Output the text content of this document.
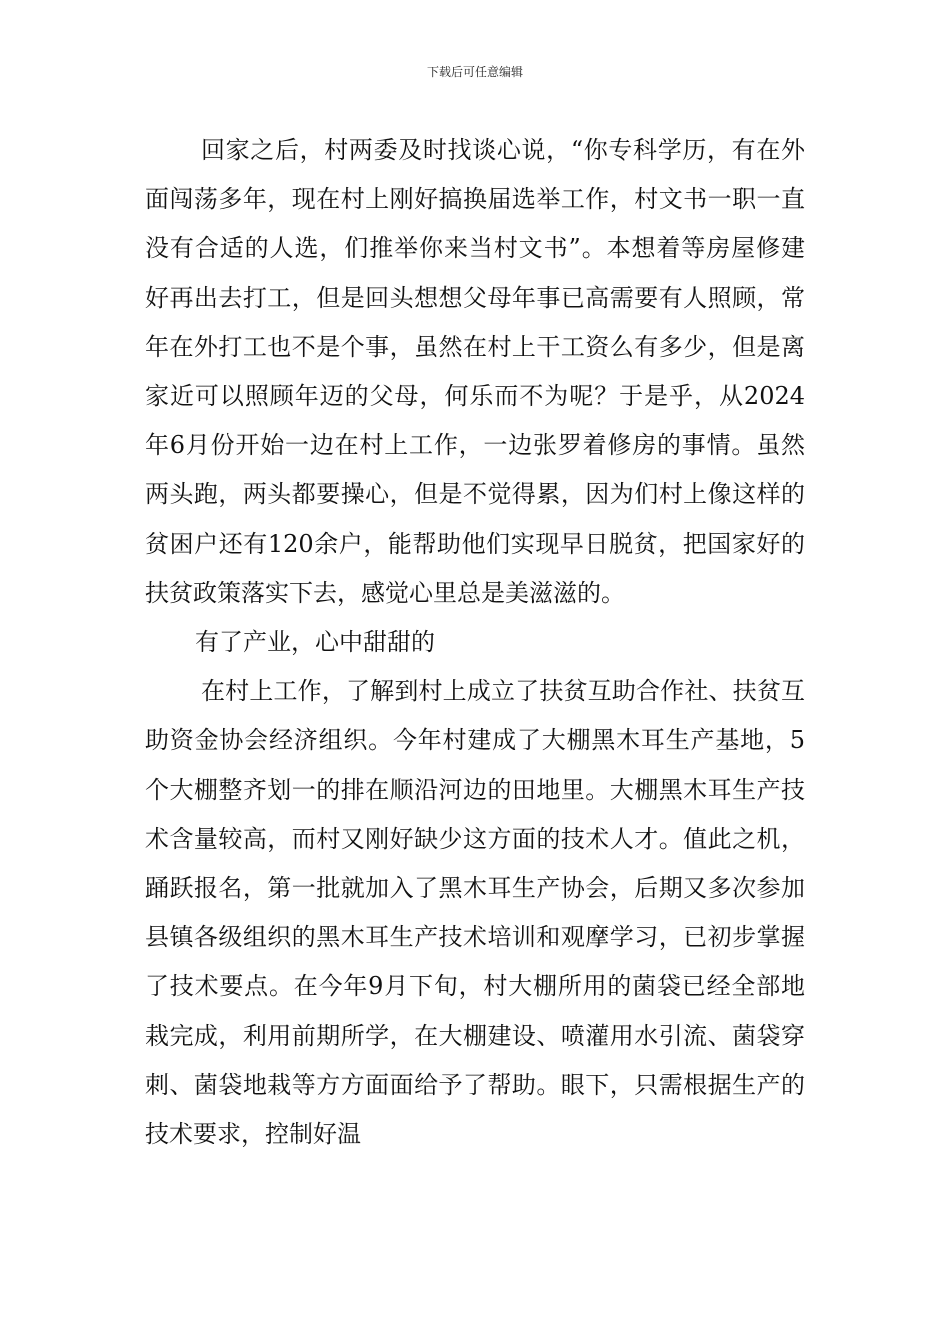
下载后可任意编辑

回家之后，村两委及时找谈心说，“你专科学历，有在外面闯荡多年，现在村上刚好搞换届选举工作，村文书一职一直没有合适的人选，们推举你来当村文书”。本想着等房屋修建好再出去打工，但是回头想想父母年事已高需要有人照顾，常年在外打工也不是个事，虽然在村上干工资么有多少，但是离家近可以照顾年迈的父母，何乐而不为呢？于是乎，从2024年6月份开始一边在村上工作，一边张罗着修房的事情。虽然两头跑，两头都要操心，但是不觉得累，因为们村上像这样的贫困户还有120余户，能帮助他们实现早日脱贫，把国家好的扶贫政策落实下去，感觉心里总是美滋滋的。

有了产业，心中甜甜的

在村上工作，了解到村上成立了扶贫互助合作社、扶贫互助资金协会经济组织。今年村建成了大棚黑木耳生产基地，5个大棚整齐划一的排在顺沿河边的田地里。大棚黑木耳生产技术含量较高，而村又刚好缺少这方面的技术人才。值此之机，踊跃报名，第一批就加入了黑木耳生产协会，后期又多次参加县镇各级组织的黑木耳生产技术培训和观摩学习，已初步掌握了技术要点。在今年9月下旬，村大棚所用的菌袋已经全部地栽完成，利用前期所学，在大棚建设、喷灌用水引流、菌袋穿刺、菌袋地栽等方方面面给予了帮助。眼下，只需根据生产的技术要求，控制好温
